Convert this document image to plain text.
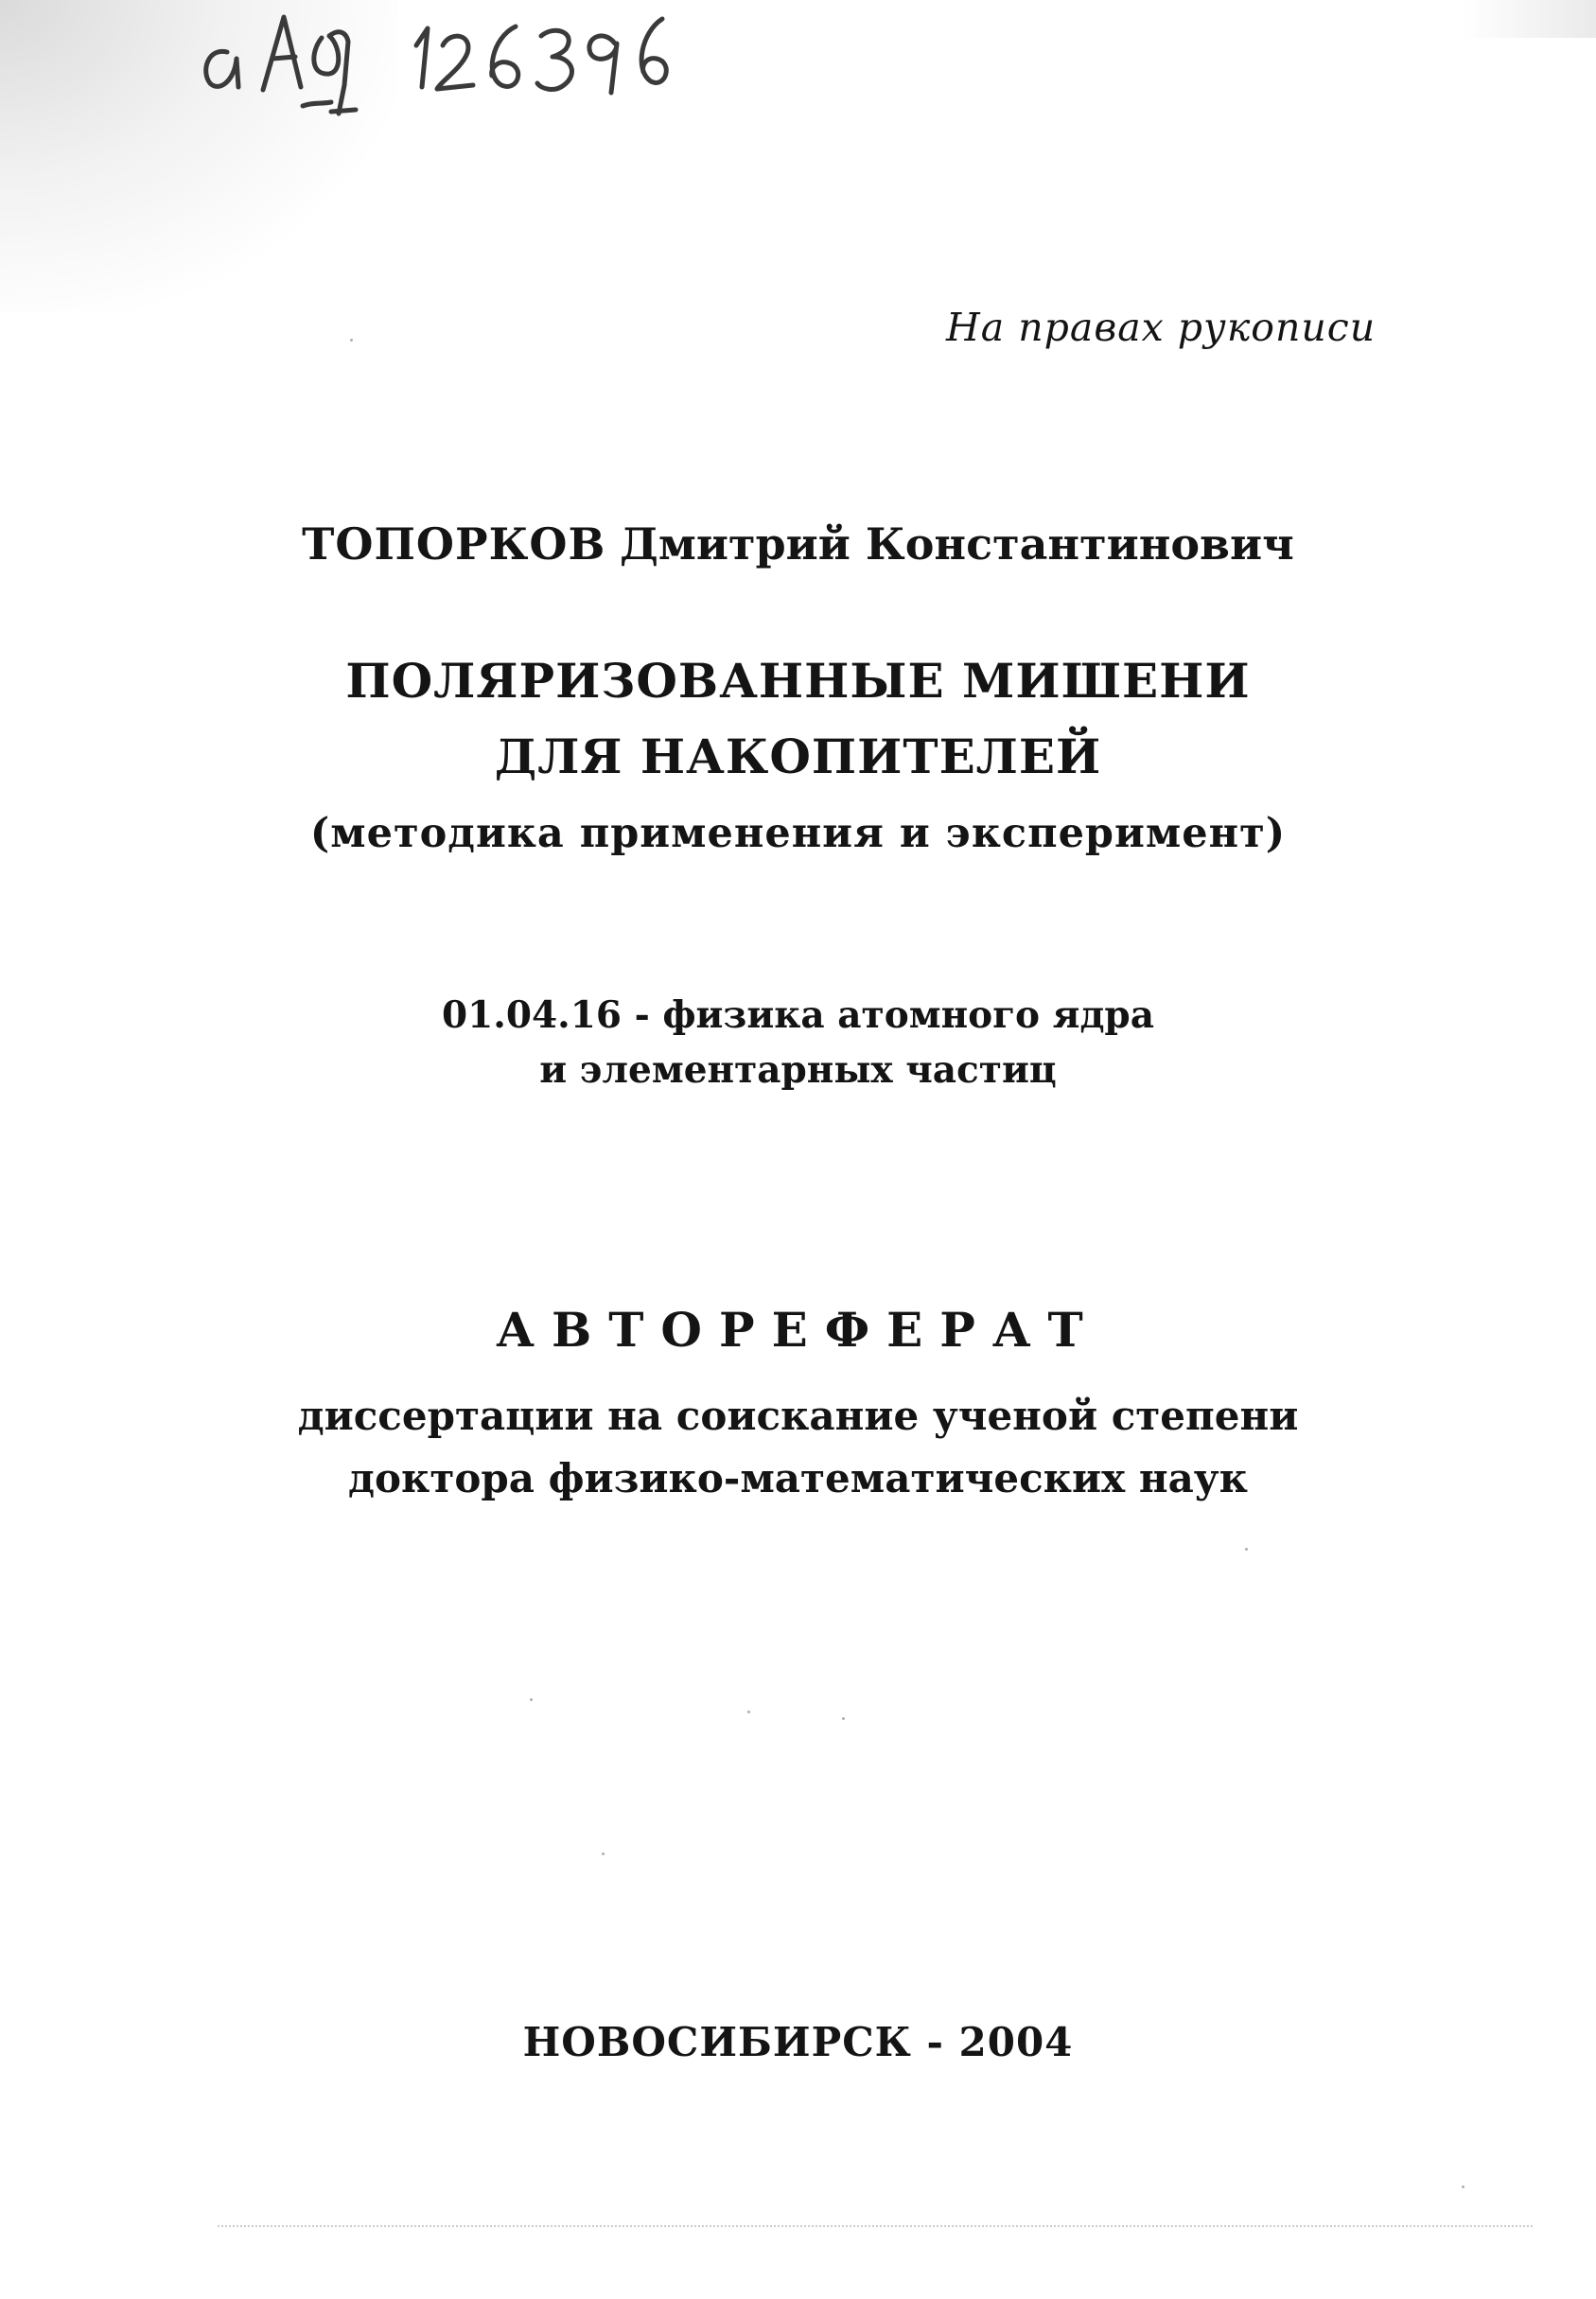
На правах рукописи

ТОПОРКОВ Дмитрий Константинович

ПОЛЯРИЗОВАННЫЕ МИШЕНИ

ДЛЯ НАКОПИТЕЛЕЙ

(методика применения и эксперимент)

01.04.16 - физика атомного ядра

и элементарных частиц

АВТОРЕФЕРАТ

диссертации на соискание ученой степени

доктора физико-математических наук

НОВОСИБИРСК - 2004
